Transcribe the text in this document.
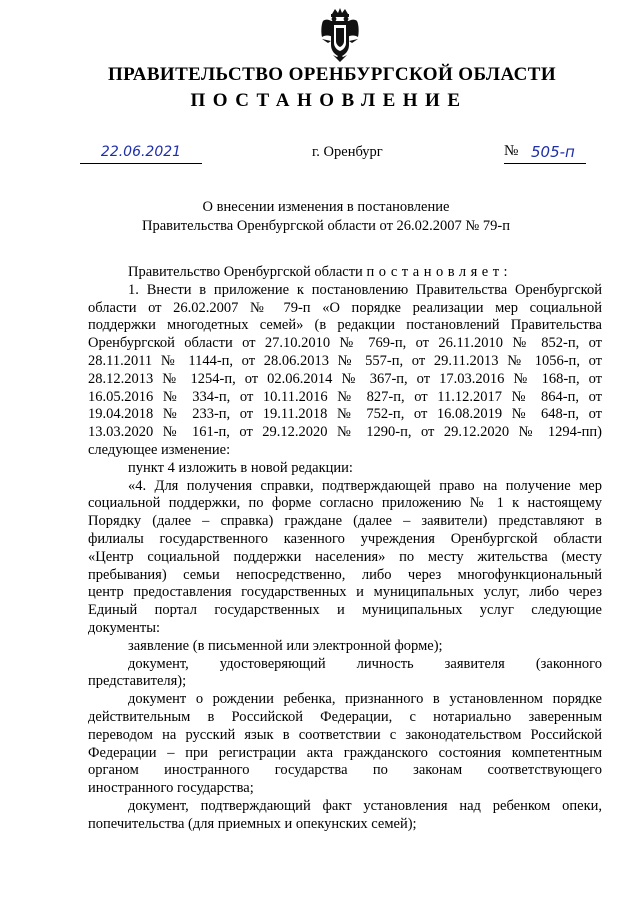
ПРАВИТЕЛЬСТВО ОРЕНБУРГСКОЙ ОБЛАСТИ
ПОСТАНОВЛЕНИЕ
22.06.2021	г. Оренбург	№ 505-п
О внесении изменения в постановление
Правительства Оренбургской области от 26.02.2007 № 79-п

Правительство Оренбургской области постановляет:

1. Внести в приложение к постановлению Правительства Оренбургской

области от 26.02.2007 № 79-п «О порядке реализации мер социальной

поддержки многодетных семей» (в редакции постановлений Правительства

Оренбургской области от 27.10.2010 № 769-п, от 26.11.2010 № 852-п, от

28.11.2011 № 1144-п, от 28.06.2013 № 557-п, от 29.11.2013 № 1056-п, от

28.12.2013 № 1254-п, от 02.06.2014 № 367-п, от 17.03.2016 № 168-п, от

16.05.2016 № 334-п, от 10.11.2016 № 827-п, от 11.12.2017 № 864-п, от

19.04.2018 № 233-п, от 19.11.2018 № 752-п, от 16.08.2019 № 648-п, от

13.03.2020 № 161-п, от 29.12.2020 № 1290-п, от 29.12.2020 № 1294-пп)

следующее изменение:

пункт 4 изложить в новой редакции:

«4. Для получения справки, подтверждающей право на получение мер

социальной поддержки, по форме согласно приложению № 1 к настоящему

Порядку (далее – справка) граждане (далее – заявители) представляют в

филиалы государственного казенного учреждения Оренбургской области

«Центр социальной поддержки населения» по месту жительства (месту

пребывания) семьи непосредственно, либо через многофункциональный

центр предоставления государственных и муниципальных услуг, либо через

Единый портал государственных и муниципальных услуг следующие

документы:

заявление (в письменной или электронной форме);

документ, удостоверяющий личность заявителя (законного

представителя);

документ о рождении ребенка, признанного в установленном порядке

действительным в Российской Федерации, с нотариально заверенным

переводом на русский язык в соответствии с законодательством Российской

Федерации – при регистрации акта гражданского состояния компетентным

органом иностранного государства по законам соответствующего

иностранного государства;

документ, подтверждающий факт установления над ребенком опеки,

попечительства (для приемных и опекунских семей);
